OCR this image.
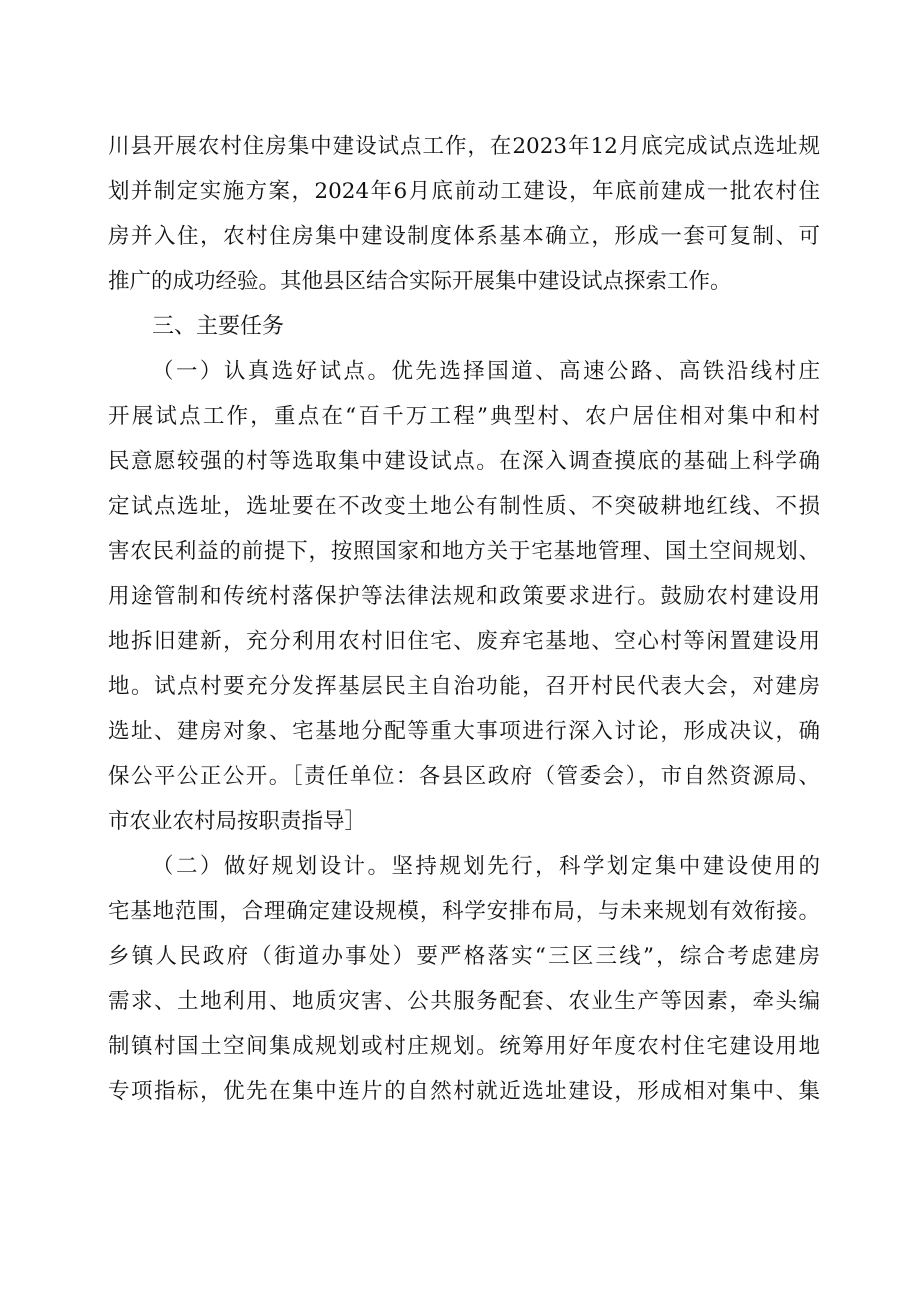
川县开展农村住房集中建设试点工作，在2023年12月底完成试点选址规
划并制定实施方案，2024年6月底前动工建设，年底前建成一批农村住
房并入住，农村住房集中建设制度体系基本确立，形成一套可复制、可
推广的成功经验。其他县区结合实际开展集中建设试点探索工作。
三、主要任务
（一）认真选好试点。优先选择国道、高速公路、高铁沿线村庄
开展试点工作，重点在“百千万工程”典型村、农户居住相对集中和村
民意愿较强的村等选取集中建设试点。在深入调查摸底的基础上科学确
定试点选址，选址要在不改变土地公有制性质、不突破耕地红线、不损
害农民利益的前提下，按照国家和地方关于宅基地管理、国土空间规划、
用途管制和传统村落保护等法律法规和政策要求进行。鼓励农村建设用
地拆旧建新，充分利用农村旧住宅、废弃宅基地、空心村等闲置建设用
地。试点村要充分发挥基层民主自治功能，召开村民代表大会，对建房
选址、建房对象、宅基地分配等重大事项进行深入讨论，形成决议，确
保公平公正公开。［责任单位：各县区政府（管委会），市自然资源局、
市农业农村局按职责指导］
（二）做好规划设计。坚持规划先行，科学划定集中建设使用的
宅基地范围，合理确定建设规模，科学安排布局，与未来规划有效衔接。
乡镇人民政府（街道办事处）要严格落实“三区三线”，综合考虑建房
需求、土地利用、地质灾害、公共服务配套、农业生产等因素，牵头编
制镇村国土空间集成规划或村庄规划。统筹用好年度农村住宅建设用地
专项指标，优先在集中连片的自然村就近选址建设，形成相对集中、集
